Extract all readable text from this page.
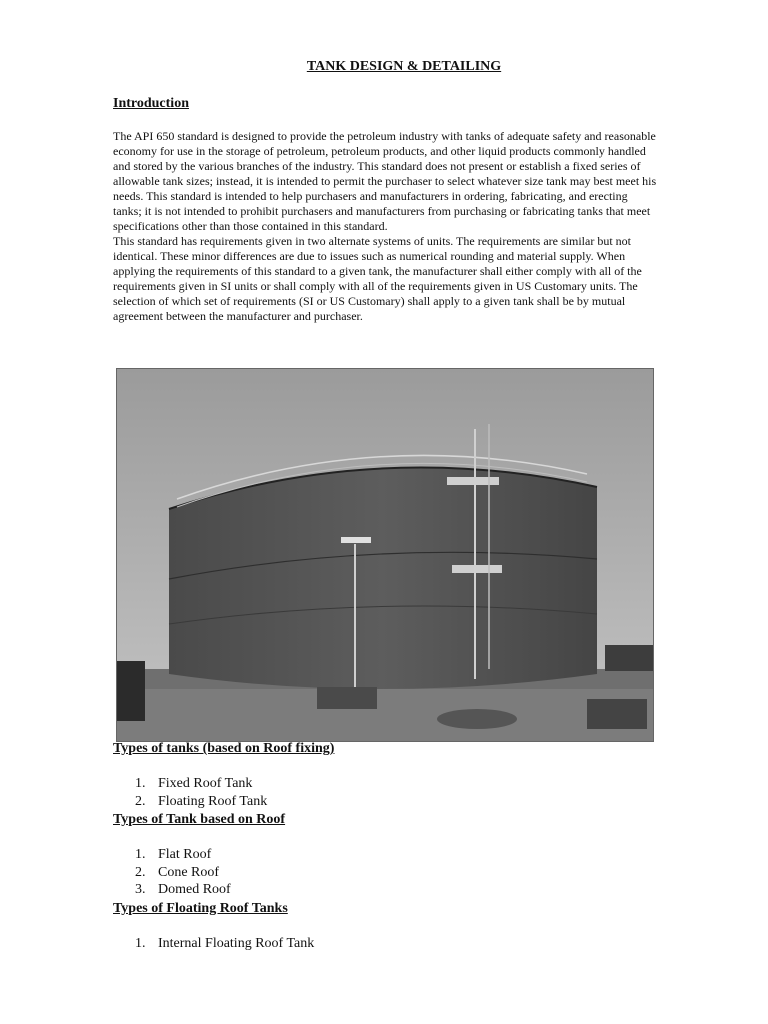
TANK DESIGN & DETAILING
Introduction

The API 650 standard is designed to provide the petroleum industry with tanks of adequate safety and reasonable economy for use in the storage of petroleum, petroleum products, and other liquid products commonly handled and stored by the various branches of the industry. This standard does not present or establish a fixed series of allowable tank sizes; instead, it is intended to permit the purchaser to select whatever size tank may best meet his needs. This standard is intended to help purchasers and manufacturers in ordering, fabricating, and erecting tanks; it is not intended to prohibit purchasers and manufacturers from purchasing or fabricating tanks that meet specifications other than those contained in this standard.

This standard has requirements given in two alternate systems of units. The requirements are similar but not identical. These minor differences are due to issues such as numerical rounding and material supply. When applying the requirements of this standard to a given tank, the manufacturer shall either comply with all of the requirements given in SI units or shall comply with all of the requirements given in US Customary units. The selection of which set of requirements (SI or US Customary) shall apply to a given tank shall be by mutual agreement between the manufacturer and purchaser.

Types of tanks (based on Roof fixing)
1. Fixed Roof Tank
2. Floating Roof Tank
Types of Tank based on Roof
1. Flat Roof
2. Cone Roof
3. Domed Roof
Types of Floating Roof Tanks
1. Internal Floating Roof Tank
